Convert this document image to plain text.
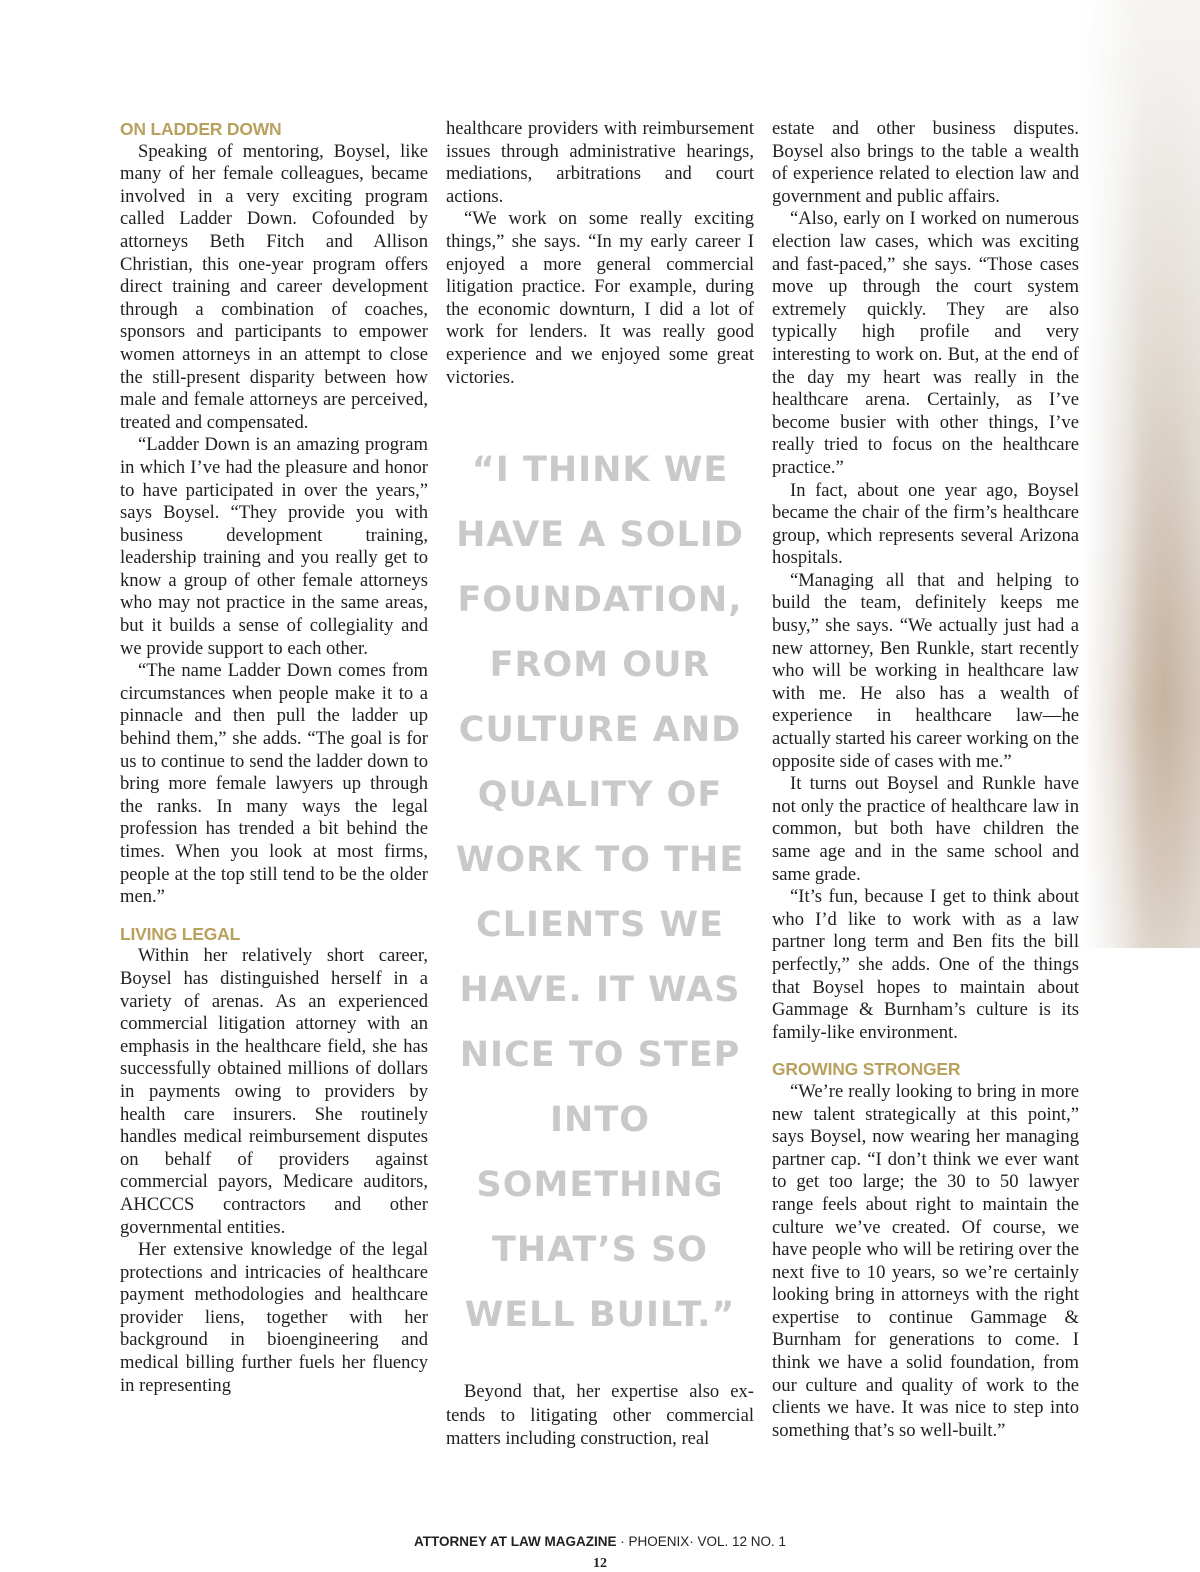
ON LADDER DOWN

Speaking of mentoring, Boysel, like many of her female colleagues, became involved in a very exciting program called Ladder Down. Cofounded by attorneys Beth Fitch and Allison Christian, this one-year program offers direct training and career development through a combination of coaches, sponsors and participants to empower women attorneys in an attempt to close the still-present disparity between how male and female attorneys are perceived, treated and compensated.

“Ladder Down is an amazing program in which I’ve had the pleasure and honor to have participated in over the years,” says Boysel. “They provide you with business development training, leadership training and you really get to know a group of other female attorneys who may not practice in the same areas, but it builds a sense of collegiality and we provide support to each other.

“The name Ladder Down comes from circumstances when people make it to a pinnacle and then pull the ladder up behind them,” she adds. “The goal is for us to continue to send the ladder down to bring more female lawyers up through the ranks. In many ways the legal profession has trended a bit behind the times. When you look at most firms, people at the top still tend to be the older men.”

LIVING LEGAL

Within her relatively short career, Boysel has distinguished herself in a variety of arenas. As an experienced commercial litigation attorney with an emphasis in the healthcare field, she has successfully obtained millions of dollars in payments owing to providers by health care insurers. She routinely handles medical reimbursement disputes on behalf of providers against commercial payors, Medicare auditors, AHCCCS contractors and other governmental entities.

Her extensive knowledge of the legal protections and intricacies of healthcare payment methodologies and healthcare provider liens, together with her background in bioengineering and medical billing further fuels her fluency in representing

healthcare providers with reimbursement issues through administrative hearings, mediations, arbitrations and court actions.

“We work on some really exciting things,” she says. “In my early career I enjoyed a more general commercial litigation practice. For example, during the economic downturn, I did a lot of work for lenders. It was really good experience and we enjoyed some great victories.

“I THINK WE HAVE A SOLID FOUNDATION, FROM OUR CULTURE AND QUALITY OF WORK TO THE CLIENTS WE HAVE. IT WAS NICE TO STEP INTO SOMETHING THAT’S SO WELL BUILT.”

Beyond that, her expertise also extends to litigating other commercial matters including construction, real

estate and other business disputes. Boysel also brings to the table a wealth of experience related to election law and government and public affairs.

“Also, early on I worked on numerous election law cases, which was exciting and fast-paced,” she says. “Those cases move up through the court system extremely quickly. They are also typically high profile and very interesting to work on. But, at the end of the day my heart was really in the healthcare arena. Certainly, as I’ve become busier with other things, I’ve really tried to focus on the healthcare practice.”

In fact, about one year ago, Boysel became the chair of the firm’s healthcare group, which represents several Arizona hospitals.

“Managing all that and helping to build the team, definitely keeps me busy,” she says. “We actually just had a new attorney, Ben Runkle, start recently who will be working in healthcare law with me. He also has a wealth of experience in healthcare law—he actually started his career working on the opposite side of cases with me.”

It turns out Boysel and Runkle have not only the practice of healthcare law in common, but both have children the same age and in the same school and same grade.

“It’s fun, because I get to think about who I’d like to work with as a law partner long term and Ben fits the bill perfectly,” she adds. One of the things that Boysel hopes to maintain about Gammage & Burnham’s culture is its family-like environment.

GROWING STRONGER

“We’re really looking to bring in more new talent strategically at this point,” says Boysel, now wearing her managing partner cap. “I don’t think we ever want to get too large; the 30 to 50 lawyer range feels about right to maintain the culture we’ve created. Of course, we have people who will be retiring over the next five to 10 years, so we’re certainly looking bring in attorneys with the right expertise to continue Gammage & Burnham for generations to come. I think we have a solid foundation, from our culture and quality of work to the clients we have. It was nice to step into something that’s so well-built.”

ATTORNEY AT LAW MAGAZINE · PHOENIX· VOL. 12 NO. 1
12
